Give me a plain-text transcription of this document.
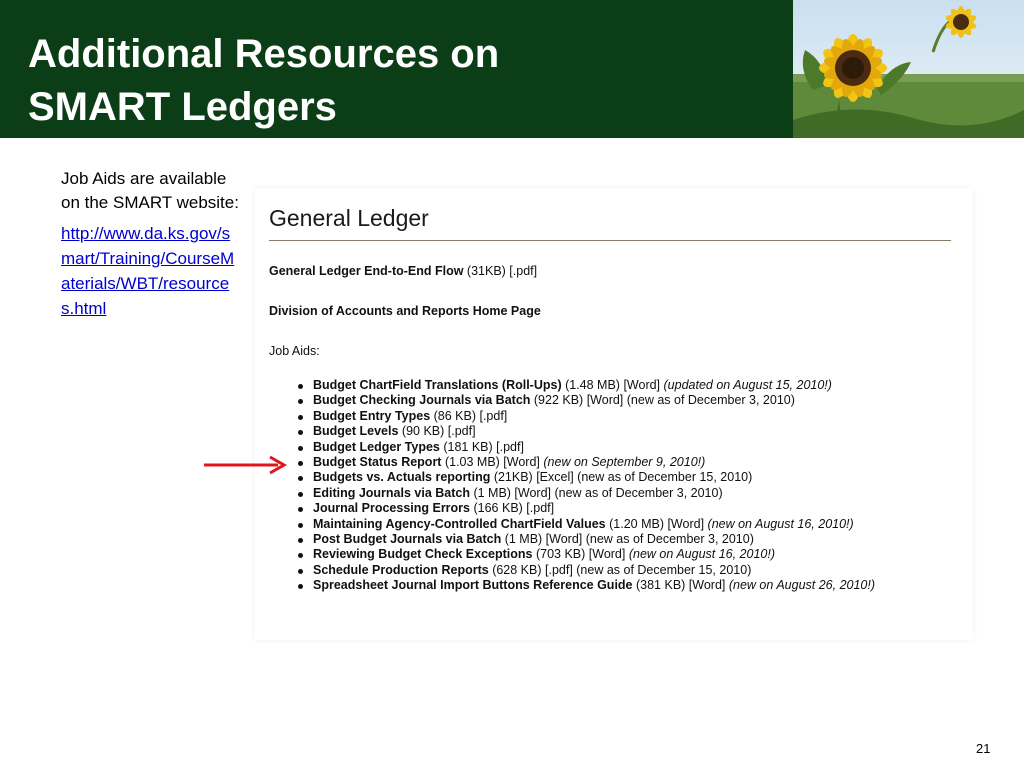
Additional Resources on
SMART Ledgers

Job Aids are available on the SMART website:

http://www.da.ks.gov/smart/Training/CourseMaterials/WBT/resources.html
General Ledger
General Ledger End-to-End Flow (31KB) [.pdf]
Division of Accounts and Reports Home Page
Job Aids:
Budget ChartField Translations (Roll-Ups) (1.48 MB) [Word] (updated on August 15, 2010!)
Budget Checking Journals via Batch (922 KB) [Word] (new as of December 3, 2010)
Budget Entry Types (86 KB) [.pdf]
Budget Levels (90 KB) [.pdf]
Budget Ledger Types (181 KB) [.pdf]
Budget Status Report (1.03 MB) [Word] (new on September 9, 2010!)
Budgets vs. Actuals reporting (21KB) [Excel] (new as of December 15, 2010)
Editing Journals via Batch (1 MB) [Word] (new as of December 3, 2010)
Journal Processing Errors (166 KB) [.pdf]
Maintaining Agency-Controlled ChartField Values (1.20 MB) [Word] (new on August 16, 2010!)
Post Budget Journals via Batch (1 MB) [Word] (new as of December 3, 2010)
Reviewing Budget Check Exceptions (703 KB) [Word] (new on August 16, 2010!)
Schedule Production Reports (628 KB) [.pdf] (new as of December 15, 2010)
Spreadsheet Journal Import Buttons Reference Guide (381 KB) [Word] (new on August 26, 2010!)
21
